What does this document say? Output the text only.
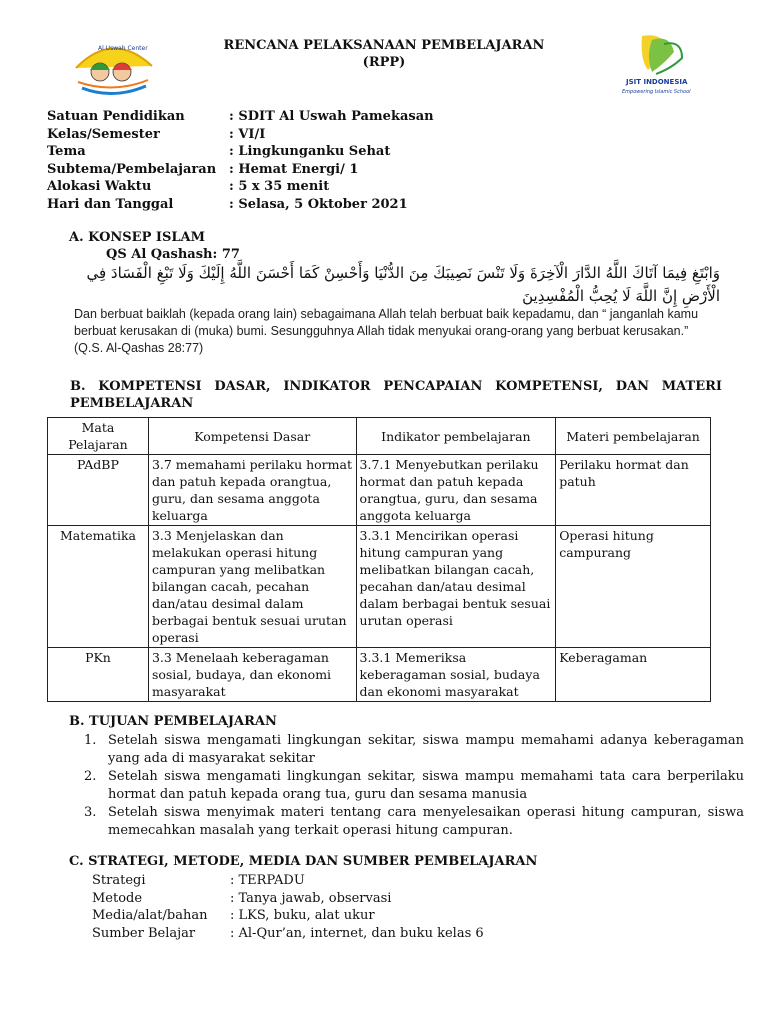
Al Uswah Center	RENCANA PELAKSANAAN PEMBELAJARAN
(RPP)
JSIT INDONESIA
Empowering Islamic School
Satuan Pendidikan	: SDIT Al Uswah Pamekasan
Kelas/Semester	: VI/I
Tema	: Lingkunganku Sehat
Subtema/Pembelajaran : Hemat Energi/ 1
Alokasi Waktu	: 5 x 35 menit
Hari dan Tanggal	: Selasa, 5 Oktober 2021
A. KONSEP ISLAM
QS Al Qashash: 77
وَابْتَغِ فِيمَا آتَاكَ اللَّهُ الدَّارَ الْآخِرَةَ وَلَا تَنْسَ نَصِيبَكَ مِنَ الدُّنْيَا وَأَحْسِنْ كَمَا أَحْسَنَ اللَّهُ إِلَيْكَ وَلَا تَبْغِ الْفَسَادَ فِي الْأَرْضِ إِنَّ اللَّهَ لَا يُحِبُّ الْمُفْسِدِينَ
Dan berbuat baiklah (kepada orang lain) sebagaimana Allah telah berbuat baik kepadamu, dan “ janganlah kamu berbuat kerusakan di (muka) bumi. Sesungguhnya Allah tidak menyukai orang-orang yang berbuat kerusakan.” (Q.S. Al-Qashas 28:77)
B. KOMPETENSI DASAR, INDIKATOR PENCAPAIAN KOMPETENSI, DAN MATERI PEMBELAJARAN
Mata Pelajaran	Kompetensi Dasar	Indikator pembelajaran	Materi pembelajaran
PAdBP	3.7 memahami perilaku hormat dan patuh kepada orangtua, guru, dan sesama anggota keluarga	3.7.1 Menyebutkan perilaku hormat dan patuh kepada orangtua, guru, dan sesama anggota keluarga	Perilaku hormat dan patuh
Matematika	3.3 Menjelaskan dan melakukan operasi hitung campuran yang melibatkan bilangan cacah, pecahan dan/atau desimal dalam berbagai bentuk sesuai urutan operasi	3.3.1 Mencirikan operasi hitung campuran yang melibatkan bilangan cacah, pecahan dan/atau desimal dalam berbagai bentuk sesuai urutan operasi	Operasi hitung campurang
PKn	3.3 Menelaah keberagaman sosial, budaya, dan ekonomi masyarakat	3.3.1 Memeriksa keberagaman sosial, budaya dan ekonomi masyarakat	Keberagaman
B. TUJUAN PEMBELAJARAN
1. Setelah siswa mengamati lingkungan sekitar, siswa mampu memahami adanya keberagaman yang ada di masyarakat sekitar
2. Setelah siswa mengamati lingkungan sekitar, siswa mampu memahami tata cara berperilaku hormat dan patuh kepada orang tua, guru dan sesama manusia
3. Setelah siswa menyimak materi tentang cara menyelesaikan operasi hitung campuran, siswa memecahkan masalah yang terkait operasi hitung campuran.
C. STRATEGI, METODE, MEDIA DAN SUMBER PEMBELAJARAN
Strategi	: TERPADU
Metode	: Tanya jawab, observasi
Media/alat/bahan	: LKS, buku, alat ukur
Sumber Belajar	: Al-Qur’an, internet, dan buku kelas 6
